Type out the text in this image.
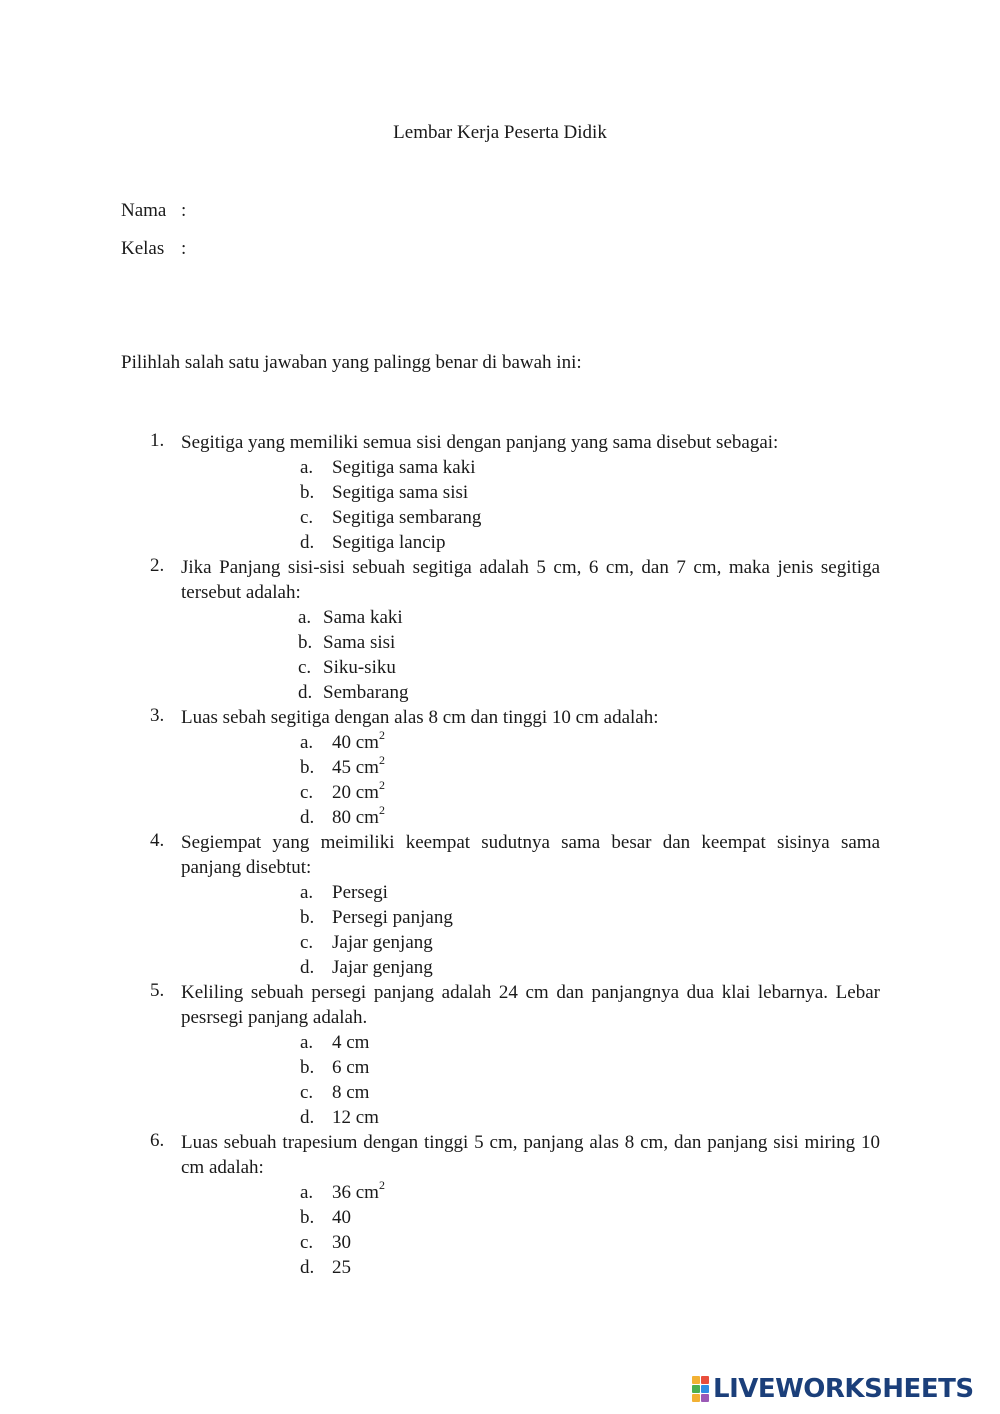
Lembar Kerja Peserta Didik
Nama :
Kelas :
Pilihlah salah satu jawaban yang palingg benar di bawah ini:
1. Segitiga yang memiliki semua sisi dengan panjang yang sama disebut sebagai:
a. Segitiga sama kaki
b. Segitiga sama sisi
c. Segitiga sembarang
d. Segitiga lancip
2. Jika Panjang sisi-sisi sebuah segitiga adalah 5 cm, 6 cm, dan 7 cm, maka jenis segitiga tersebut adalah:
a. Sama kaki
b. Sama sisi
c. Siku-siku
d. Sembarang
3. Luas sebah segitiga dengan alas 8 cm dan tinggi 10 cm adalah:
a. 40 $cm^2$
b. 45 $cm^2$
c. 20 $cm^2$
d. 80 $cm^2$
4. Segiempat yang meimiliki keempat sudutnya sama besar dan keempat sisinya sama panjang disebtut:
a. Persegi
b. Persegi panjang
c. Jajar genjang
d. Jajar genjang
5. Keliling sebuah persegi panjang adalah 24 cm dan panjangnya dua klai lebarnya. Lebar pesrsegi panjang adalah.
a. 4 cm
b. 6 cm
c. 8 cm
d. 12 cm
6. Luas sebuah trapesium dengan tinggi 5 cm, panjang alas 8 cm, dan panjang sisi miring 10 cm adalah:
a. 36 $cm^2$
b. 40
c. 30
d. 25
LIVEWORKSHEETS
